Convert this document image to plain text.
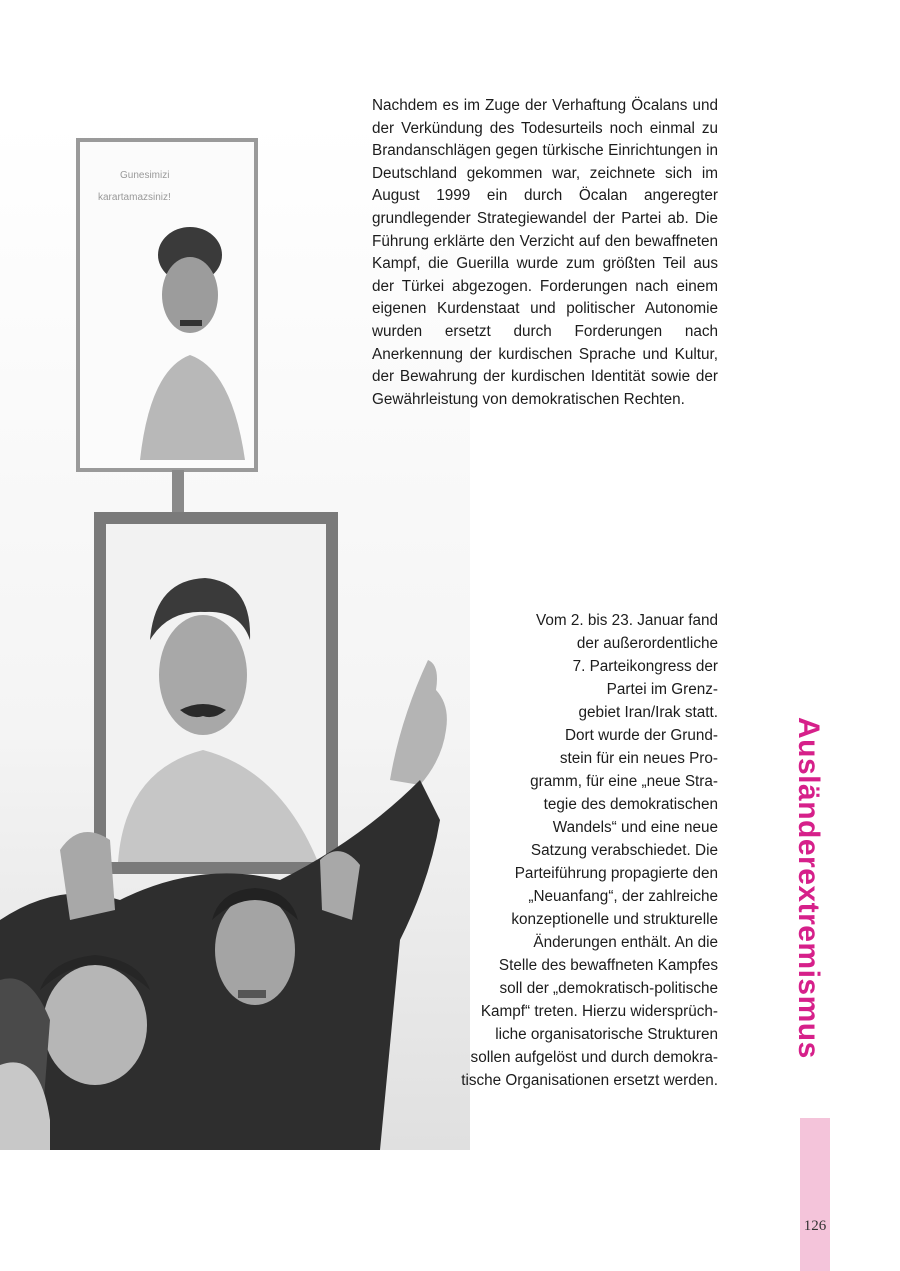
Gunesimizi
karartamazsiniz!

Nachdem es im Zuge der Verhaftung Öcalans und der Verkündung des Todesurteils noch einmal zu Brandanschlägen gegen türkische Einrichtungen in Deutschland gekommen war, zeichnete sich im August 1999 ein durch Öcalan angeregter grundlegender Strategiewandel der Partei ab. Die Führung erklärte den Verzicht auf den bewaffneten Kampf, die Guerilla wurde zum größten Teil aus der Türkei abgezogen. Forderungen nach einem eigenen Kurdenstaat und politischer Autonomie wurden ersetzt durch Forderungen nach Anerkennung der kurdischen Sprache und Kultur, der Bewahrung der kurdischen Identität sowie der Gewährleistung von demokratischen Rechten.

Vom 2. bis 23. Januar fand
der außerordentliche
7. Parteikongress der
Partei im Grenz-
gebiet Iran/Irak statt.
Dort wurde der Grund-
stein für ein neues Pro-
gramm, für eine „neue Stra-
tegie des demokratischen
Wandels“ und eine neue
Satzung verabschiedet. Die
Parteiführung propagierte den
„Neuanfang“, der zahlreiche
konzeptionelle und strukturelle
Änderungen enthält. An die
Stelle des bewaffneten Kampfes
soll der „demokratisch-politische
Kampf“ treten. Hierzu widersprüch-
liche organisatorische Strukturen
sollen aufgelöst und durch demokra-
tische Organisationen ersetzt werden.
Ausländerextremismus
126
